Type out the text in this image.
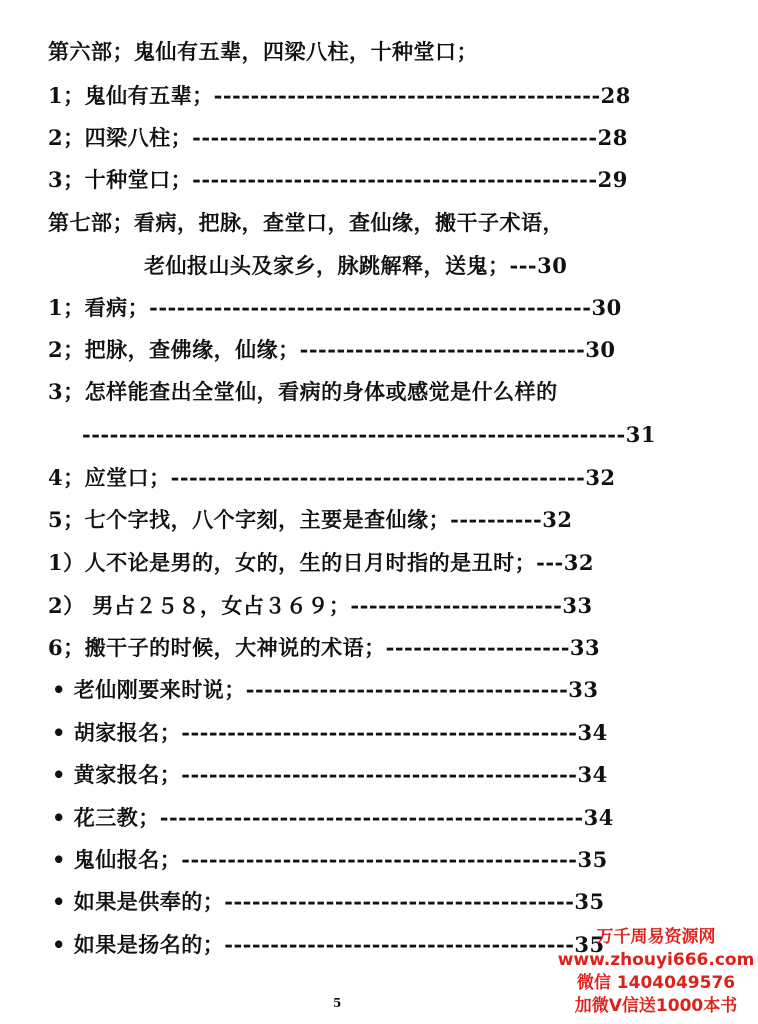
第六部；鬼仙有五辈，四梁八柱，十种堂口；
1；鬼仙有五辈；------------------------------------------28
2；四梁八柱；--------------------------------------------28
3；十种堂口；--------------------------------------------29
第七部；看病，把脉，查堂口，查仙缘，搬干子术语，
老仙报山头及家乡，脉跳解释，送鬼；---30
1；看病；------------------------------------------------30
2；把脉，查佛缘，仙缘；-------------------------------30
3；怎样能查出全堂仙，看病的身体或感觉是什么样的
-----------------------------------------------------------31
4；应堂口；---------------------------------------------32
5；七个字找，八个字刻，主要是查仙缘；----------32
1）人不论是男的，女的，生的日月时指的是丑时；---32
2） 男占２５８，女占３６９；-----------------------33
6；搬干子的时候，大神说的术语；--------------------33
• 老仙刚要来时说；-----------------------------------33
• 胡家报名；-------------------------------------------34
• 黄家报名；-------------------------------------------34
• 花三教；----------------------------------------------34
• 鬼仙报名；-------------------------------------------35
• 如果是供奉的；--------------------------------------35
• 如果是扬名的；--------------------------------------35
5
万千周易资源网
www.zhouyi666.com
微信 1404049576
加微V信送1000本书
